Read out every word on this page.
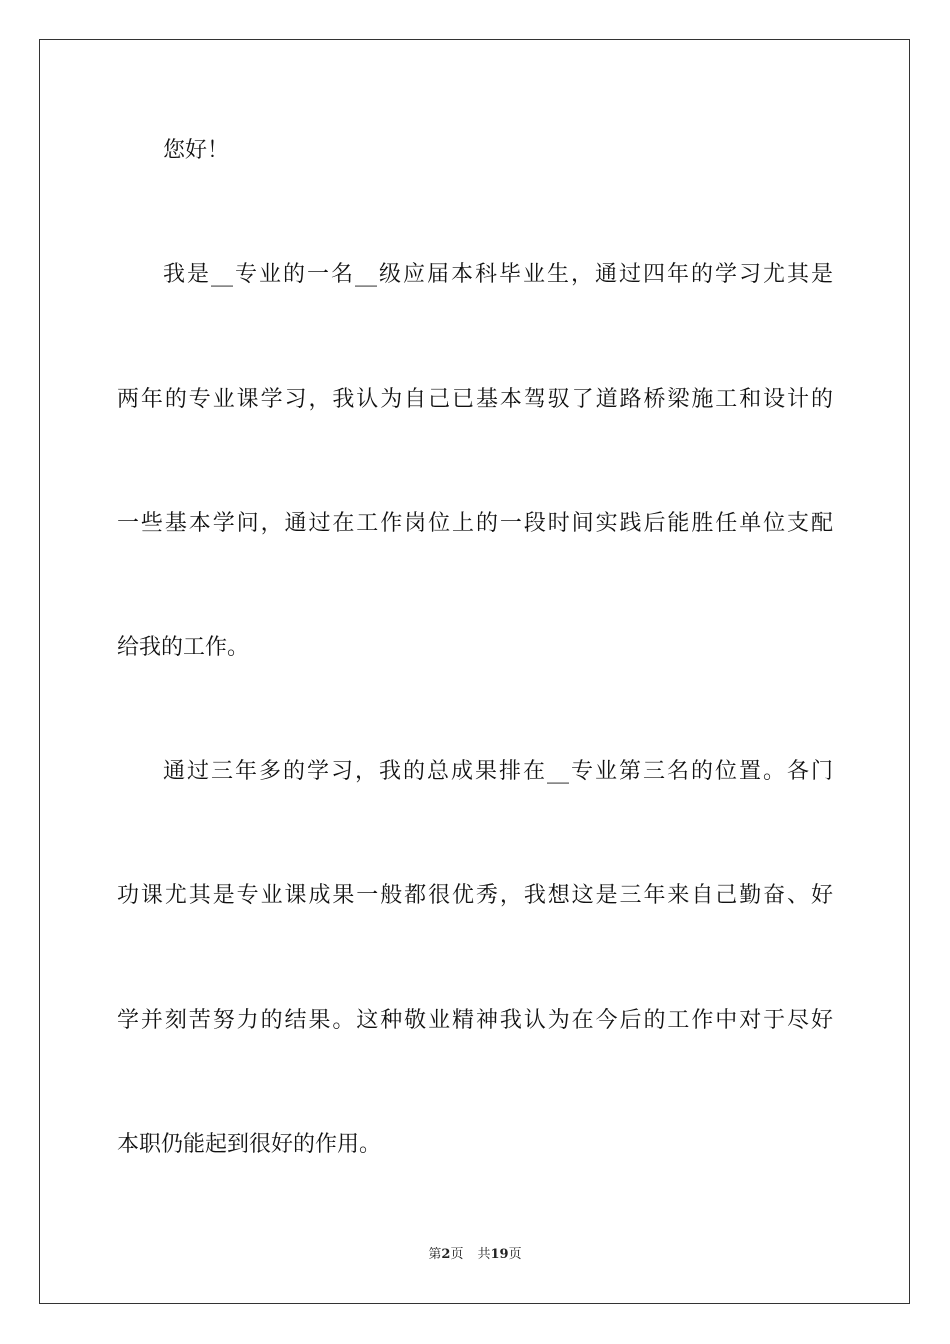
您好！
我是__专业的一名__级应届本科毕业生，通过四年的学习尤其是
两年的专业课学习，我认为自己已基本驾驭了道路桥梁施工和设计的
一些基本学问，通过在工作岗位上的一段时间实践后能胜任单位支配
给我的工作。
通过三年多的学习，我的总成果排在__专业第三名的位置。各门
功课尤其是专业课成果一般都很优秀，我想这是三年来自己勤奋、好
学并刻苦努力的结果。这种敬业精神我认为在今后的工作中对于尽好
本职仍能起到很好的作用。
第2页 共19页
